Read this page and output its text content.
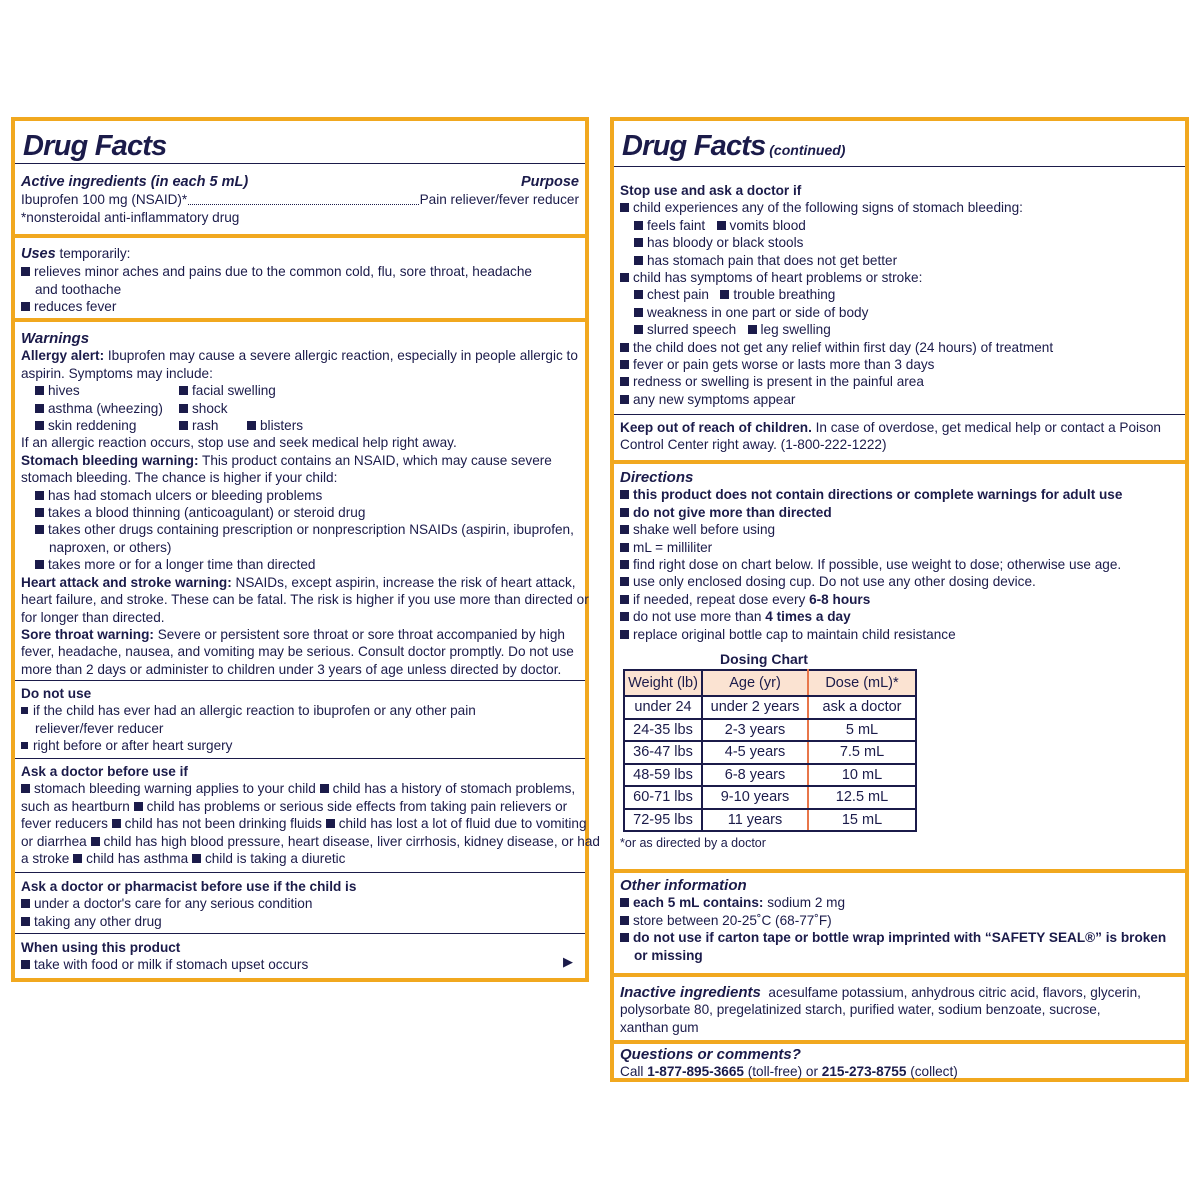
Drug Facts
Active ingredients (in each 5 mL)	Purpose
Ibuprofen 100 mg (NSAID)*	Pain reliever/fever reducer
*nonsteroidal anti-inflammatory drug
Uses temporarily:
relieves minor aches and pains due to the common cold, flu, sore throat, headache
and toothache
reduces fever
Warnings
Allergy alert: Ibuprofen may cause a severe allergic reaction, especially in people allergic to
aspirin. Symptoms may include:
hives	facial swelling
asthma (wheezing)	shock
skin reddening	rash	blisters
If an allergic reaction occurs, stop use and seek medical help right away.
Stomach bleeding warning: This product contains an NSAID, which may cause severe
stomach bleeding. The chance is higher if your child:
has had stomach ulcers or bleeding problems
takes a blood thinning (anticoagulant) or steroid drug
takes other drugs containing prescription or nonprescription NSAIDs (aspirin, ibuprofen,
naproxen, or others)
takes more or for a longer time than directed
Heart attack and stroke warning: NSAIDs, except aspirin, increase the risk of heart attack,
heart failure, and stroke. These can be fatal. The risk is higher if you use more than directed or
for longer than directed.
Sore throat warning: Severe or persistent sore throat or sore throat accompanied by high
fever, headache, nausea, and vomiting may be serious. Consult doctor promptly. Do not use
more than 2 days or administer to children under 3 years of age unless directed by doctor.
Do not use
if the child has ever had an allergic reaction to ibuprofen or any other pain
reliever/fever reducer
right before or after heart surgery
Ask a doctor before use if
stomach bleeding warning applies to your child child has a history of stomach problems,
such as heartburn child has problems or serious side effects from taking pain relievers or
fever reducers child has not been drinking fluids child has lost a lot of fluid due to vomiting
or diarrhea child has high blood pressure, heart disease, liver cirrhosis, kidney disease, or had
a stroke child has asthma child is taking a diuretic
Ask a doctor or pharmacist before use if the child is
under a doctor's care for any serious condition
taking any other drug
When using this product
take with food or milk if stomach upset occurs	▶
Drug Facts (continued)
Stop use and ask a doctor if
child experiences any of the following signs of stomach bleeding:
feels faint vomits blood
has bloody or black stools
has stomach pain that does not get better
child has symptoms of heart problems or stroke:
chest pain trouble breathing
weakness in one part or side of body
slurred speech leg swelling
the child does not get any relief within first day (24 hours) of treatment
fever or pain gets worse or lasts more than 3 days
redness or swelling is present in the painful area
any new symptoms appear
Keep out of reach of children. In case of overdose, get medical help or contact a Poison
Control Center right away. (1-800-222-1222)
Directions
this product does not contain directions or complete warnings for adult use
do not give more than directed
shake well before using
mL = milliliter
find right dose on chart below. If possible, use weight to dose; otherwise use age.
use only enclosed dosing cup. Do not use any other dosing device.
if needed, repeat dose every 6-8 hours
do not use more than 4 times a day
replace original bottle cap to maintain child resistance
Dosing Chart
Weight (lb)	Age (yr)	Dose (mL)*
under 24	under 2 years	ask a doctor
24-35 lbs	2-3 years	5 mL
36-47 lbs	4-5 years	7.5 mL
48-59 lbs	6-8 years	10 mL
60-71 lbs	9-10 years	12.5 mL
72-95 lbs	11 years	15 mL
*or as directed by a doctor
Other information
each 5 mL contains: sodium 2 mg
store between 20-25˚C (68-77˚F)
do not use if carton tape or bottle wrap imprinted with “SAFETY SEAL®” is broken
or missing
Inactive ingredients  acesulfame potassium, anhydrous citric acid, flavors, glycerin,
polysorbate 80, pregelatinized starch, purified water, sodium benzoate, sucrose,
xanthan gum
Questions or comments?
Call 1-877-895-3665 (toll-free) or 215-273-8755 (collect)
